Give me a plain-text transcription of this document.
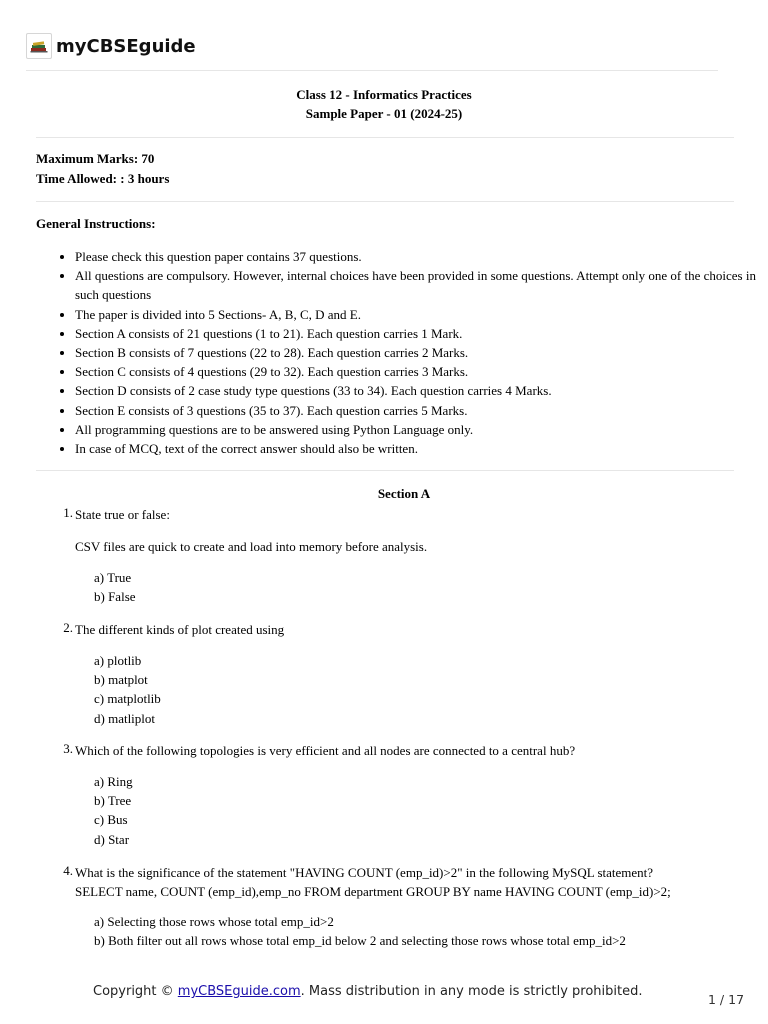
myCBSEguide
Class 12 - Informatics Practices
Sample Paper - 01 (2024-25)
Maximum Marks: 70
Time Allowed: : 3 hours
General Instructions:
• Please check this question paper contains 37 questions.
• All questions are compulsory. However, internal choices have been provided in some questions. Attempt only one of the choices in such questions
• The paper is divided into 5 Sections- A, B, C, D and E.
• Section A consists of 21 questions (1 to 21). Each question carries 1 Mark.
• Section B consists of 7 questions (22 to 28). Each question carries 2 Marks.
• Section C consists of 4 questions (29 to 32). Each question carries 3 Marks.
• Section D consists of 2 case study type questions (33 to 34). Each question carries 4 Marks.
• Section E consists of 3 questions (35 to 37). Each question carries 5 Marks.
• All programming questions are to be answered using Python Language only.
• In case of MCQ, text of the correct answer should also be written.
Section A
1. State true or false:
CSV files are quick to create and load into memory before analysis.
a) True
b) False
2. The different kinds of plot created using
a) plotlib
b) matplot
c) matplotlib
d) matliplot
3. Which of the following topologies is very efficient and all nodes are connected to a central hub?
a) Ring
b) Tree
c) Bus
d) Star
4. What is the significance of the statement "HAVING COUNT (emp_id)>2" in the following MySQL statement?
SELECT name, COUNT (emp_id),emp_no FROM department GROUP BY name HAVING COUNT (emp_id)>2;
a) Selecting those rows whose total emp_id>2
b) Both filter out all rows whose total emp_id below 2 and selecting those rows whose total emp_id>2
Copyright © myCBSEguide.com. Mass distribution in any mode is strictly prohibited.
1 / 17
